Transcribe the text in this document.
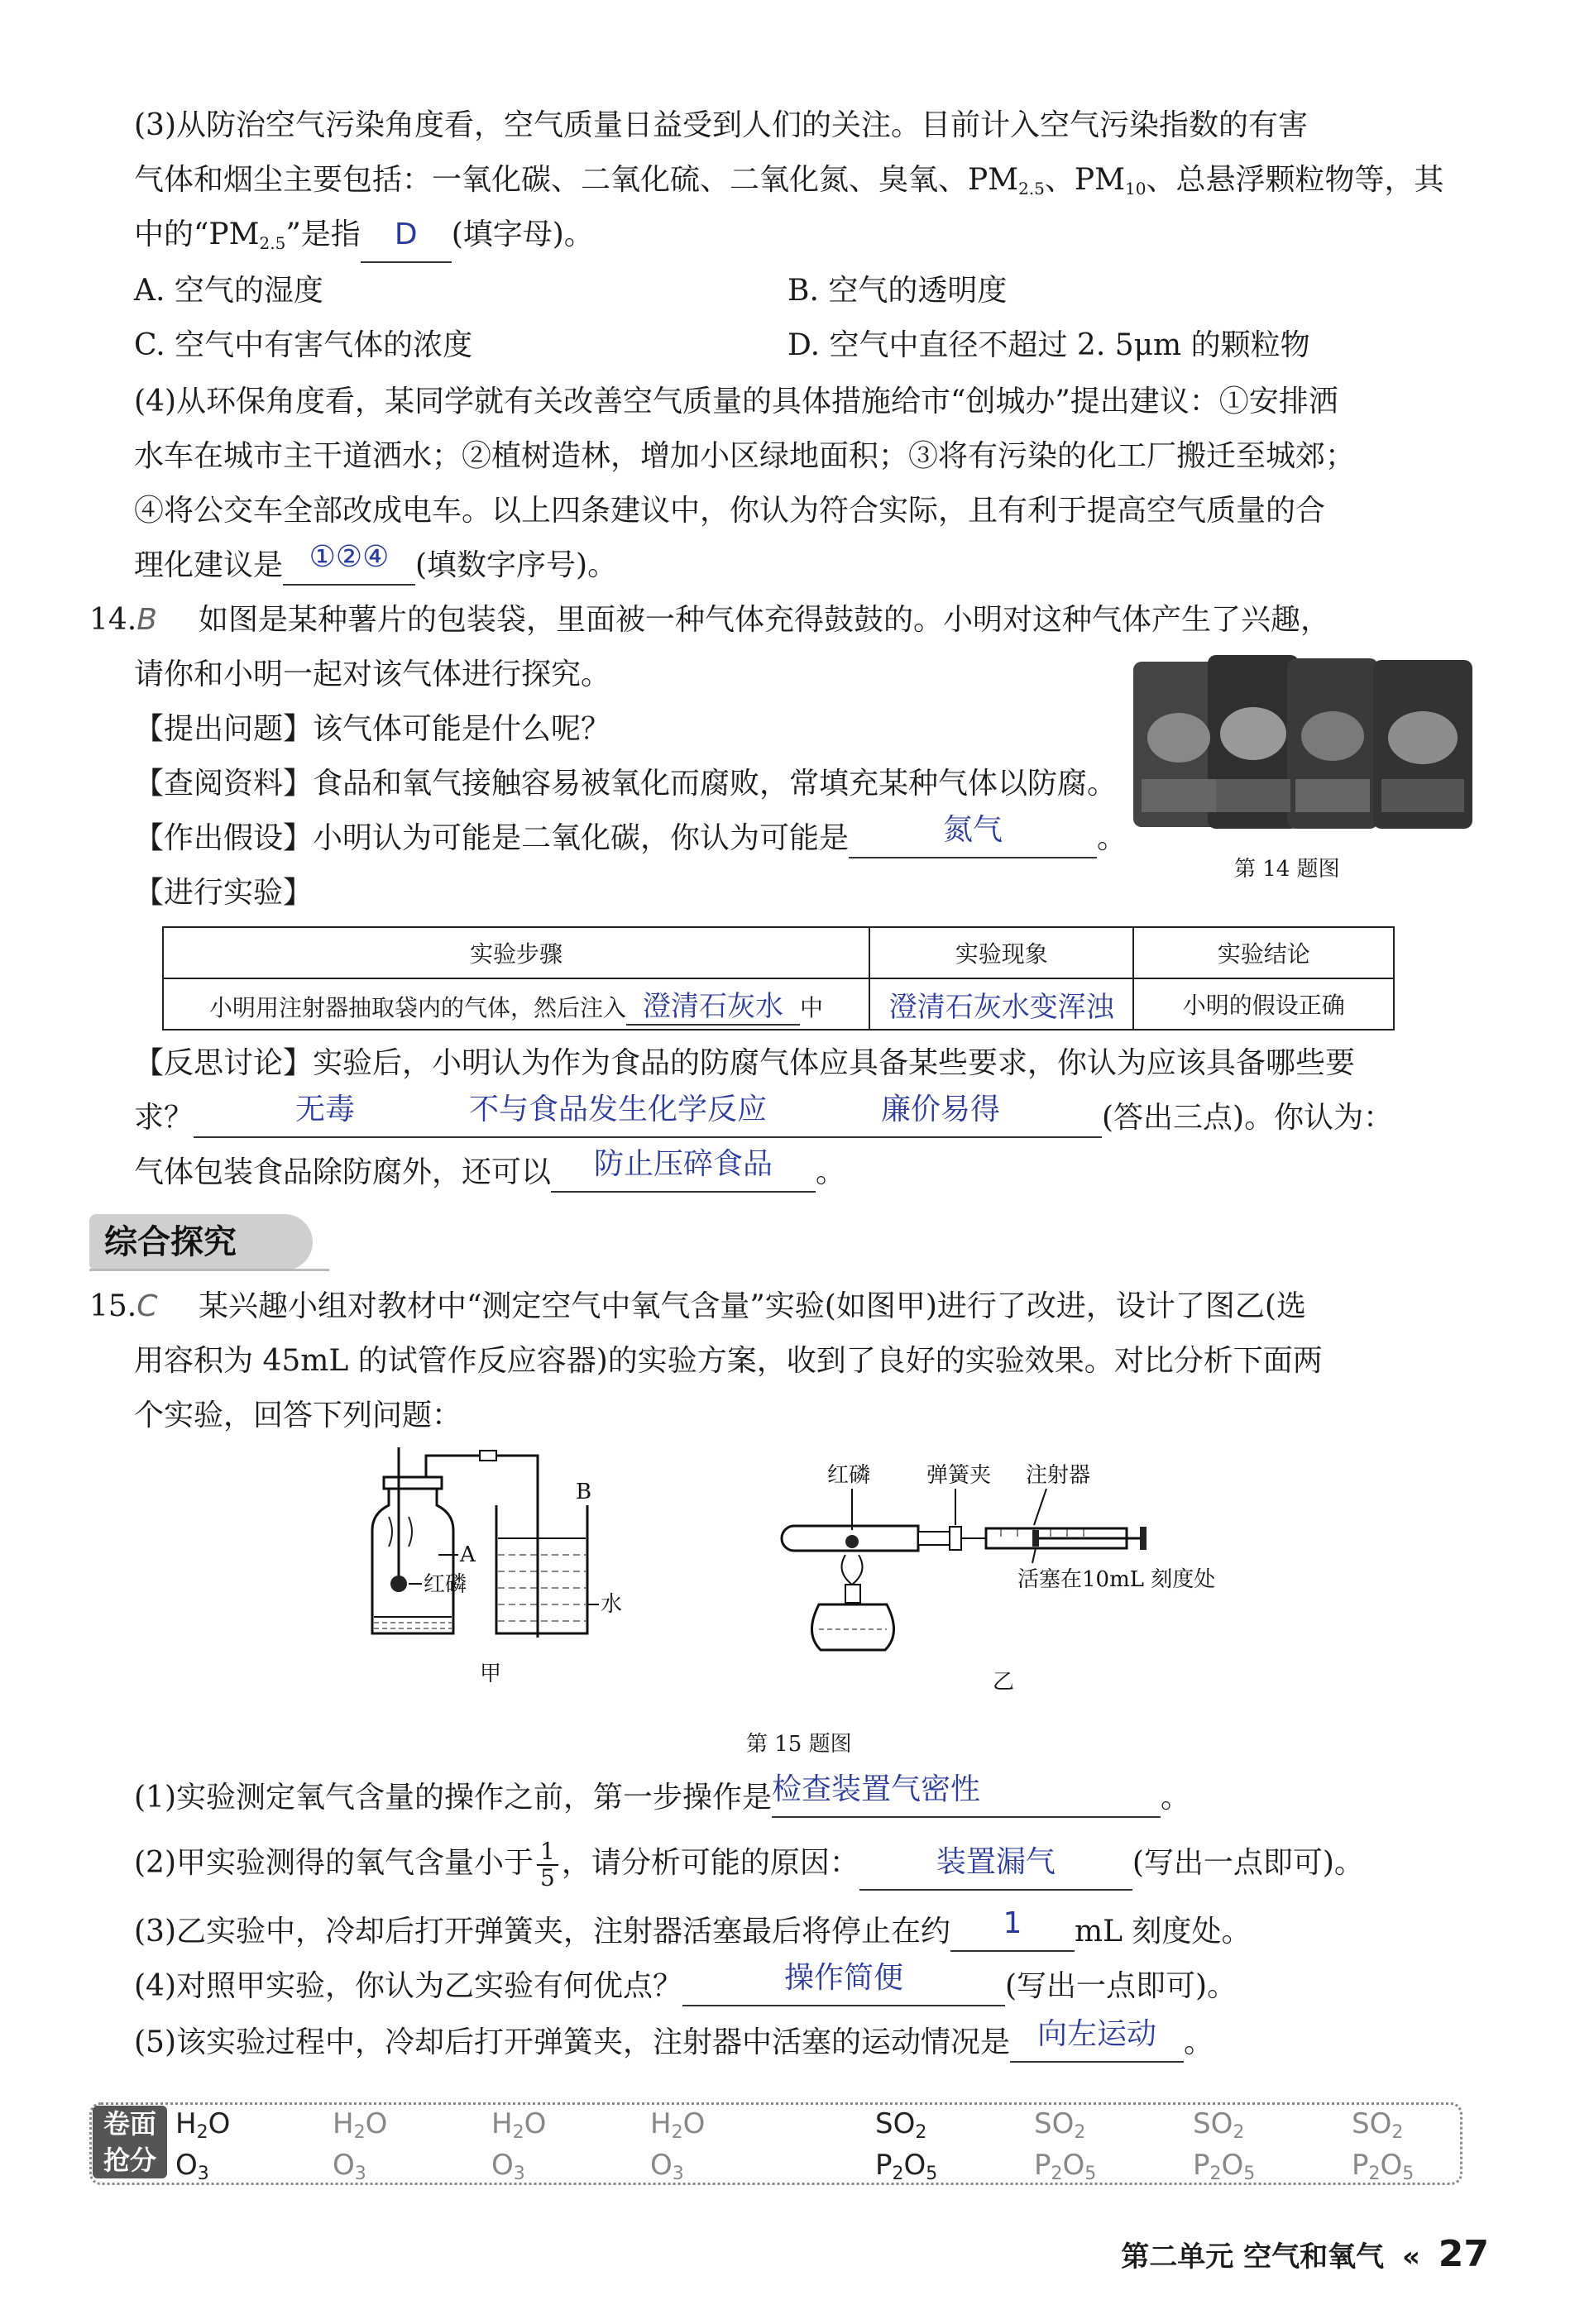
(3)从防治空气污染角度看，空气质量日益受到人们的关注。目前计入空气污染指数的有害
气体和烟尘主要包括：一氧化碳、二氧化硫、二氧化氮、臭氧、$PM_{2.5}$、$PM_{10}$、总悬浮颗粒物等，其
中的“$PM_{2.5}$”是指	D	(填字母)。
A. 空气的湿度	B. 空气的透明度
C. 空气中有害气体的浓度	D. 空气中直径不超过 2. 5μm 的颗粒物
(4)从环保角度看，某同学就有关改善空气质量的具体措施给市“创城办”提出建议：①安排洒
水车在城市主干道洒水；②植树造林，增加小区绿地面积；③将有污染的化工厂搬迁至城郊；
④将公交车全部改成电车。以上四条建议中，你认为符合实际，且有利于提高空气质量的合
理化建议是 ①②④ (填数字序号)。
14.B 如图是某种薯片的包装袋，里面被一种气体充得鼓鼓的。小明对这种气体产生了兴趣，
请你和小明一起对该气体进行探究。
【提出问题】该气体可能是什么呢？
【查阅资料】食品和氧气接触容易被氧化而腐败，常填充某种气体以防腐。
【作出假设】小明认为可能是二氧化碳，你认为可能是	氮气	。
【进行实验】
第 14 题图
实验步骤	实验现象	实验结论
小明用注射器抽取袋内的气体，然后注入 澄清石灰水 中	澄清石灰水变浑浊	小明的假设正确
【反思讨论】实验后，小明认为作为食品的防腐气体应具备某些要求，你认为应该具备哪些要
求？	无毒	不与食品发生化学反应	廉价易得	(答出三点)。你认为：
气体包装食品除防腐外，还可以	防止压碎食品	。
综合探究
15.C 某兴趣小组对教材中“测定空气中氧气含量”实验(如图甲)进行了改进，设计了图乙(选
用容积为 45mL 的试管作反应容器)的实验方案，收到了良好的实验效果。对比分析下面两
个实验，回答下列问题：
A
红磷
B
水
甲
红磷	弹簧夹 注射器
活塞在10mL 刻度处
乙
第 15 题图
(1)实验测定氧气含量的操作之前，第一步操作是 检查装置气密性	。
(2)甲实验测得的氧气含量小于 $\frac{1}{5}$ ，请分析可能的原因：	装置漏气	(写出一点即可)。
(3)乙实验中，冷却后打开弹簧夹，注射器活塞最后将停止在约	1	mL 刻度处。
(4)对照甲实验，你认为乙实验有何优点？	操作简便	(写出一点即可)。
(5)该实验过程中，冷却后打开弹簧夹，注射器中活塞的运动情况是 向左运动 。
卷面
抢分
H2O	H2O	H2O	H2O
O3	O3	O3	O3
SO2	SO2	SO2	SO2
P2O5	P2O5	P2O5	P2O5
第二单元 空气和氧气 « 27
